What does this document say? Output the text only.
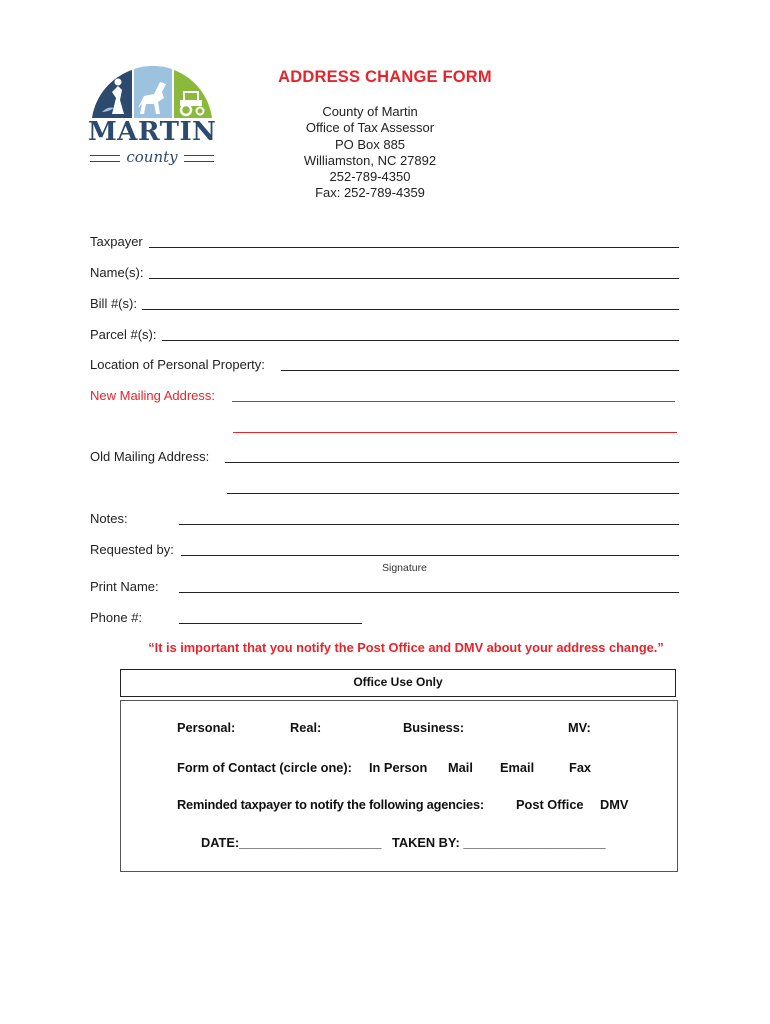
MARTIN
county
ADDRESS CHANGE FORM
County of Martin
Office of Tax Assessor
PO Box 885
Williamston, NC 27892
252-789-4350
Fax: 252-789-4359
Taxpayer
Name(s):
Bill #(s):
Parcel #(s):
Location of Personal Property:
New Mailing Address:
Old Mailing Address:
Notes:
Requested by:
Signature
Print Name:
Phone #:
“It is important that you notify the Post Office and DMV about your address change.”
Office Use Only
Personal:	Real:	Business:	MV:
Form of Contact (circle one): In Person Mail Email	Fax
Reminded taxpayer to notify the following agencies:	Post Office DMV
DATE:____________________ TAKEN BY: ____________________
